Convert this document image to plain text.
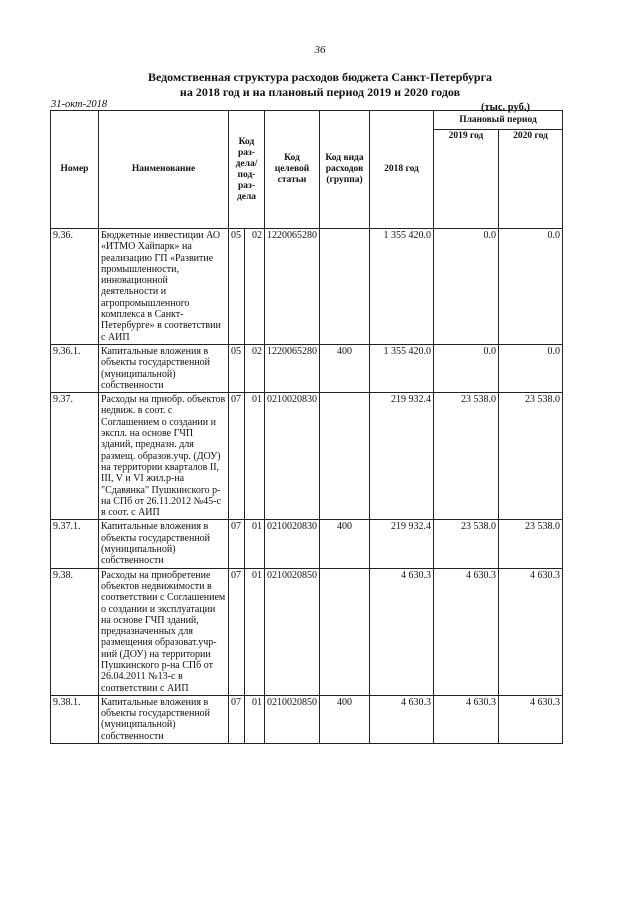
36
Ведомственная структура расходов бюджета Санкт-Петербурга
на 2018 год и на плановый период 2019 и 2020 годов
31-окт-2018	(тыс. руб.)
Номер	Наименование	Код раз-дела/ под-раз-дела		Код целевой статьи	Код вида расходов (группа)	2018 год	Плановый период	
							2019 год	2020 год
9.36.	Бюджетные инвестиции АО «ИТМО Хайпарк» на реализацию ГП «Развитие промышленности, инновационной деятельности и агропромышленного комплекса в Санкт-Петербурге» в соответствии с АИП	05	02	1220065280		1 355 420.0	0.0	0.0
9.36.1.	Капитальные вложения в объекты государственной (муниципальной) собственности	05	02	1220065280	400	1 355 420.0	0.0	0.0
9.37.	Расходы на приобр. объектов недвиж. в соот. с Соглашением о создании и экспл. на основе ГЧП зданий, предназн. для размещ. образов.учр. (ДОУ) на территории кварталов II, III, V и VI жил.р-на "Сдавянка" Пушкинского р-на СПб от 26.11.2012 №45-с в соот. с АИП	07	01	0210020830		219 932.4	23 538.0	23 538.0
9.37.1.	Капитальные вложения в объекты государственной (муниципальной) собственности	07	01	0210020830	400	219 932.4	23 538.0	23 538.0
9.38.	Расходы на приобретение объектов недвижимости в соответствии с Соглашением о создании и эксплуатации на основе ГЧП зданий, предназначенных для размещения образоват.учр-ний (ДОУ) на территории Пушкинского р-на СПб от 26.04.2011 №13-с в соответствии с АИП	07	01	0210020850		4 630.3	4 630.3	4 630.3
9.38.1.	Капитальные вложения в объекты государственной (муниципальной) собственности	07	01	0210020850	400	4 630.3	4 630.3	4 630.3
